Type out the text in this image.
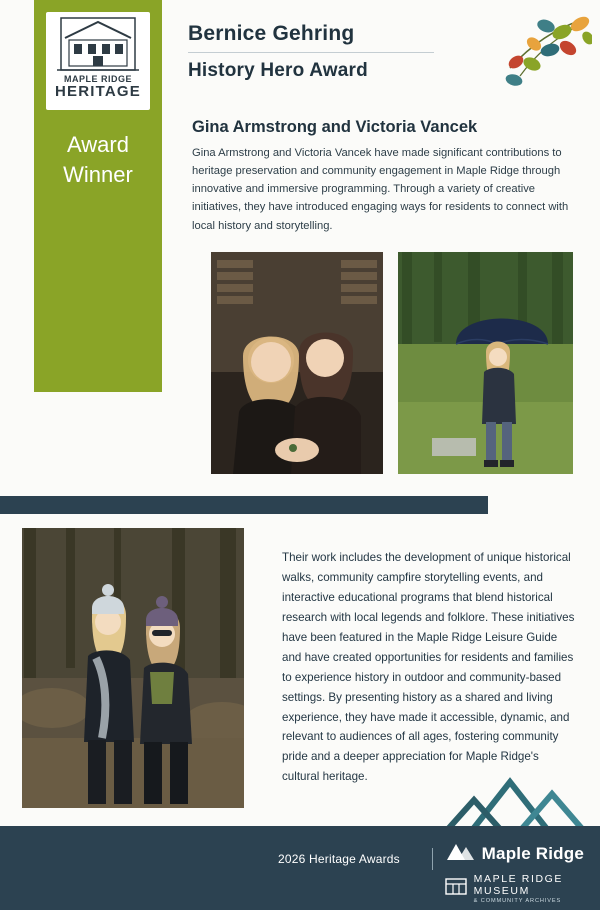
MAPLE RIDGE
HERITAGE
Award
Winner
Bernice Gehring
History Hero Award
Gina Armstrong and Victoria Vancek
Gina Armstrong and Victoria Vancek have made significant contributions to heritage preservation and community engagement in Maple Ridge through innovative and immersive programming. Through a variety of creative initiatives, they have introduced engaging ways for residents to connect with local history and storytelling.
Their work includes the development of unique historical walks, community campfire storytelling events, and interactive educational programs that blend historical research with local legends and folklore. These initiatives have been featured in the Maple Ridge Leisure Guide and have created opportunities for residents and families to experience history in outdoor and community-based settings. By presenting history as a shared and living experience, they have made it accessible, dynamic, and relevant to audiences of all ages, fostering community pride and a deeper appreciation for Maple Ridge's cultural heritage.
2026 Heritage Awards	Maple Ridge
MAPLE RIDGE
MUSEUM
& COMMUNITY ARCHIVES
